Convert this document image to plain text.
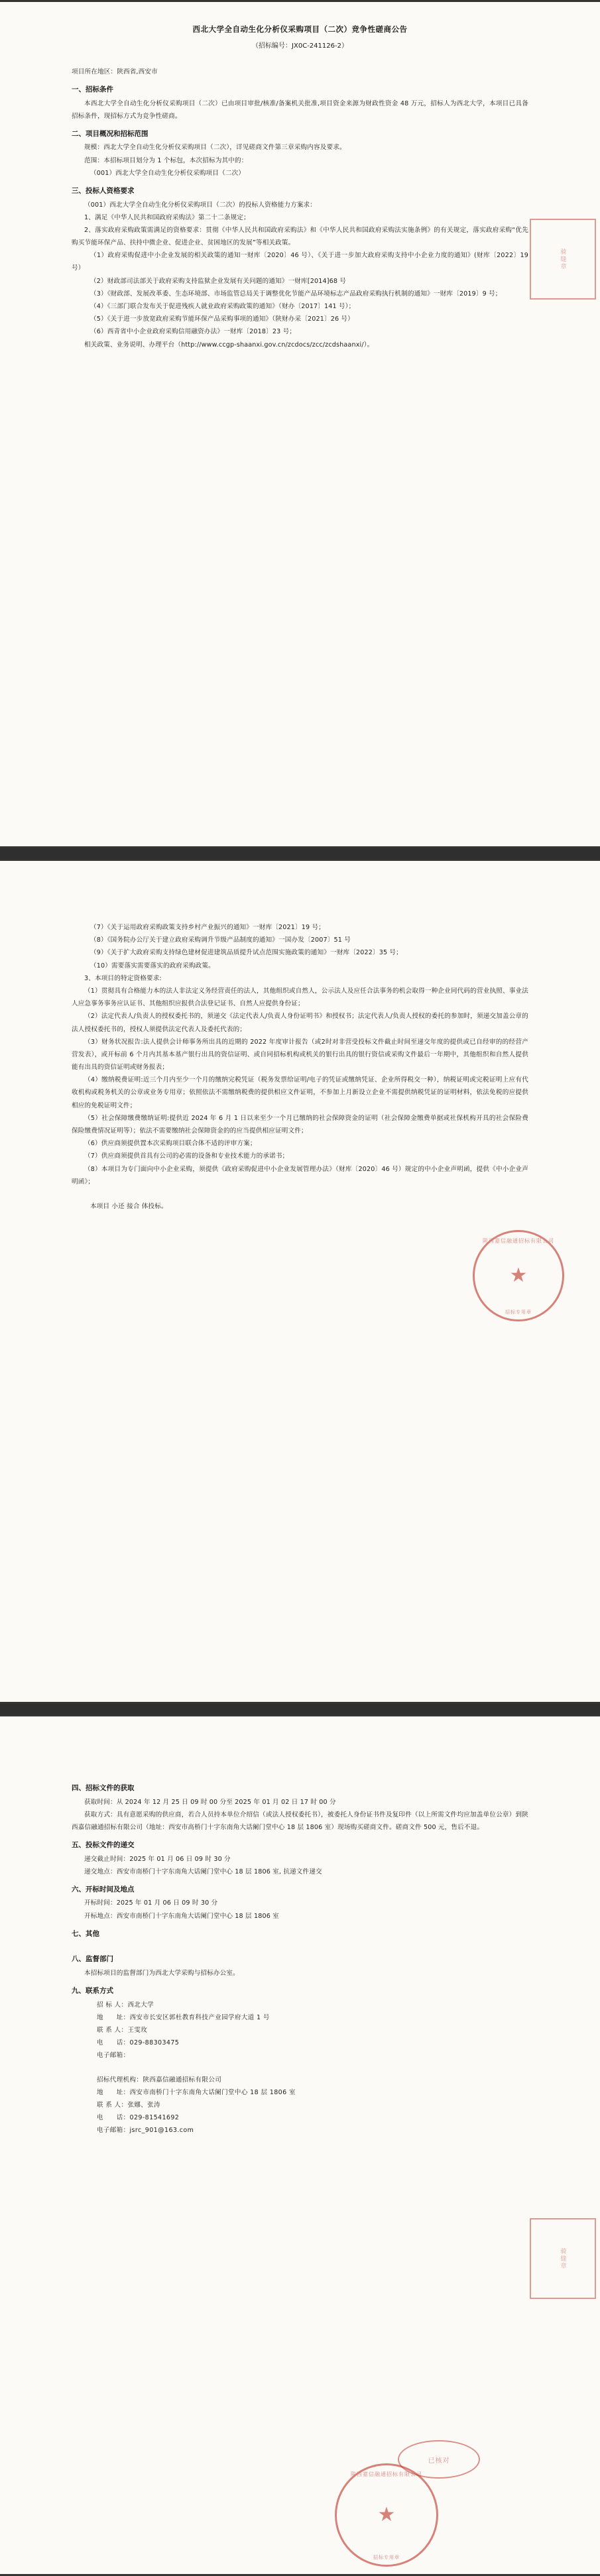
骑缝章
西北大学全自动生化分析仪采购项目（二次）竞争性磋商公告
（招标编号：JX0C-241126-2）

项目所在地区：陕西省,西安市

一、招标条件

本西北大学全自动生化分析仪采购项目（二次）已由项目审批/核准/备案机关批准,项目资金来源为财政性资金 48 万元，招标人为西北大学，本项目已具备招标条件，现招标方式为竞争性磋商。

二、项目概况和招标范围

规模：西北大学全自动生化分析仪采购项目（二次），详见磋商文件第三章采购内容及要求。

范围：本招标项目划分为 1 个标包，本次招标为其中的：

（001）西北大学全自动生化分析仪采购项目（二次）

三、投标人资格要求

（001）西北大学全自动生化分析仪采购项目（二次）的投标人资格能力方案求：

1、满足《中华人民共和国政府采购法》第二十二条规定；

2、落实政府采购政策需满足的资格要求：贯彻《中华人民共和国政府采购法》和《中华人民共和国政府采购法实施条例》的有关规定，落实政府采购“优先购买节能环保产品、扶持中微企业、促进企业、贫困地区的发展”等相关政策。

（1）政府采购促进中小企业发展的相关政策的通知一财库〔2020〕46 号）、《关于进一步加大政府采购支持中小企业力度的通知》(财库〔2022〕19 号）

（2）财政部司法部关于政府采购支持监狱企业发展有关问题的通知》一财库[2014]68 号

（3）《财政部、发展改革委、生态环境部、市场监管总局关于调整优化节能产品环境标志产品政府采购执行机制的通知》一财库〔2019〕9 号；

（4）《三部门联合发布关于促进残疾人就业政府采购政策的通知》（财办〔2017〕141 号）；

（5）《关于进一步放宽政府采购节能环保产品采购事项的通知》（陕财办采〔2021〕26 号）

（6）西青省中小企业政府采购信用融资办法》一财库〔2018〕23 号；

相关政策、业务说明、办理平台（http://www.ccgp-shaanxi.gov.cn/zcdocs/zcc/zcdshaanxi/）。

陕西嘉信融通招标有限公司
★
招标专用章

（7）《关于运用政府采购政策支持乡村产业振兴的通知》一财库〔2021〕19 号；

（8）《国务院办公厅关于建立政府采购调升节级产品制度的通知》一国办发〔2007〕51 号

（9）《关于扩大政府采购支持绿色建材促进建筑品质提升试点范围实施政策的通知》一财库〔2022〕35 号；

（10）需要落实需要落实的政府采购政策。

3、本项目的特定资格要求:

（1）贯彻具有合格能力本的法人非法定义务经营责任的法人，其他组织或自然人，公示法人及应任合法事务的机会取得一种企业同代码的营业执照、事业法人应急事务事务应认证书、其他组织应报供合法登记证书、自然人应提供身份证；

（2）法定代表人/负责人的授权委托书的，须递交《法定代表人/负责人身份证明书》和授权书；法定代表人/负责人授权的委托的参加时，须递交加盖公章的法人授权委托书的，授权人须提供法定代表人及委托代表的；

（3）财务状况报告:法人提供会计师事务所出具的近期的 2022 年度审计报告（或2时对非营受投标文件截止时间至递交年度的提供或已自经审的的经营产营发表），或开标前 6 个月内其基本基产银行出具的资信证明、或自同招标机构或机关的银行出具的银行资信或采购文件最后一年期中，其他组织和自然人提供能有出具的资信证明或财务报表；

（4）缴纳税费证明:近三个月内至少一个月的缴纳完税凭证（税务发票给证明/电子的凭证或缴纳凭证、企业所得税交一种），纳税证明或完税证明上应有代收机构或税务机关的公章或业务专用章；依照依法不需缴纳税费的提供相应文件证明，不参加上月新设立企业不需提供纳税凭证的证明材料，依法免税的应提供相应的免税证明文件；

（5）社会保障缴费缴纳证明:提供近 2024 年 6 月 1 日以来至少一个月已缴纳的社会保障资金的证明（社会保障金缴费单据或社保机构开具的社会保险费保险缴费情况证明等）；依法不需要缴纳社会保障资金的的应当提供相应证明文件；

（6）供应商须提供置本次采购项目联合体不适的评审方案；

（7）供应商须提供首具有公司的必需的设备和专业技术能力的承诺书；

（8）本项目为专门面向中小企业采购，须提供《政府采购促进中小企业发展管理办法》（财库〔2020〕46 号）规定的中小企业声明函，提供《中小企业声明函》；

本项目 小还 接合 体投标。

骑缝章
陕西嘉信融通招标有限公司
★
招标专用章
已核对
四、招标文件的获取

获取时间：从 2024 年 12 月 25 日 09 时 00 分至 2025 年 01 月 02 日 17 时 00 分

获取方式：具有意愿采购的供应商，若合人员持本单位介绍信（或法人授权委托书），被委托人身份证书件及复印件（以上所需文件均应加盖单位公章）到陕西嘉信融通招标有限公司（地址：西安市高桥门十字东南角大话阑门堂中心 18 层 1806 室）现场购买磋商文件。磋商文件 500 元，售后不退。

五、投标文件的递交

递交截止时间：2025 年 01 月 06 日 09 时 30 分

递交地点：西安市南桥门十字东南角大话阑门堂中心 18 层 1806 室, 抗递文件递交

六、开标时间及地点

开标时间：2025 年 01 月 06 日 09 时 30 分

开标地点：西安市南桥门十字东南角大话阑门堂中心 18 层 1806 室

七、其他
八、监督部门

本招标项目的监督部门为西北大学采购与招标办公室。

九、联系方式

招 标 人：西北大学

地　　址：西安市长安区郭杜教育科技产业园学府大道 1 号

联 系 人：王雯玫

电　　话：029-88303475

电子邮箱：

招标代理机构：陕西嘉信融通招标有限公司

地　　址：西安市南桥门十字东南角大话阑门堂中心 18 层 1806 室

联 系 人：张娜、张涛

电　　话：029-81541692

电子邮箱：jsrc_901@163.com
